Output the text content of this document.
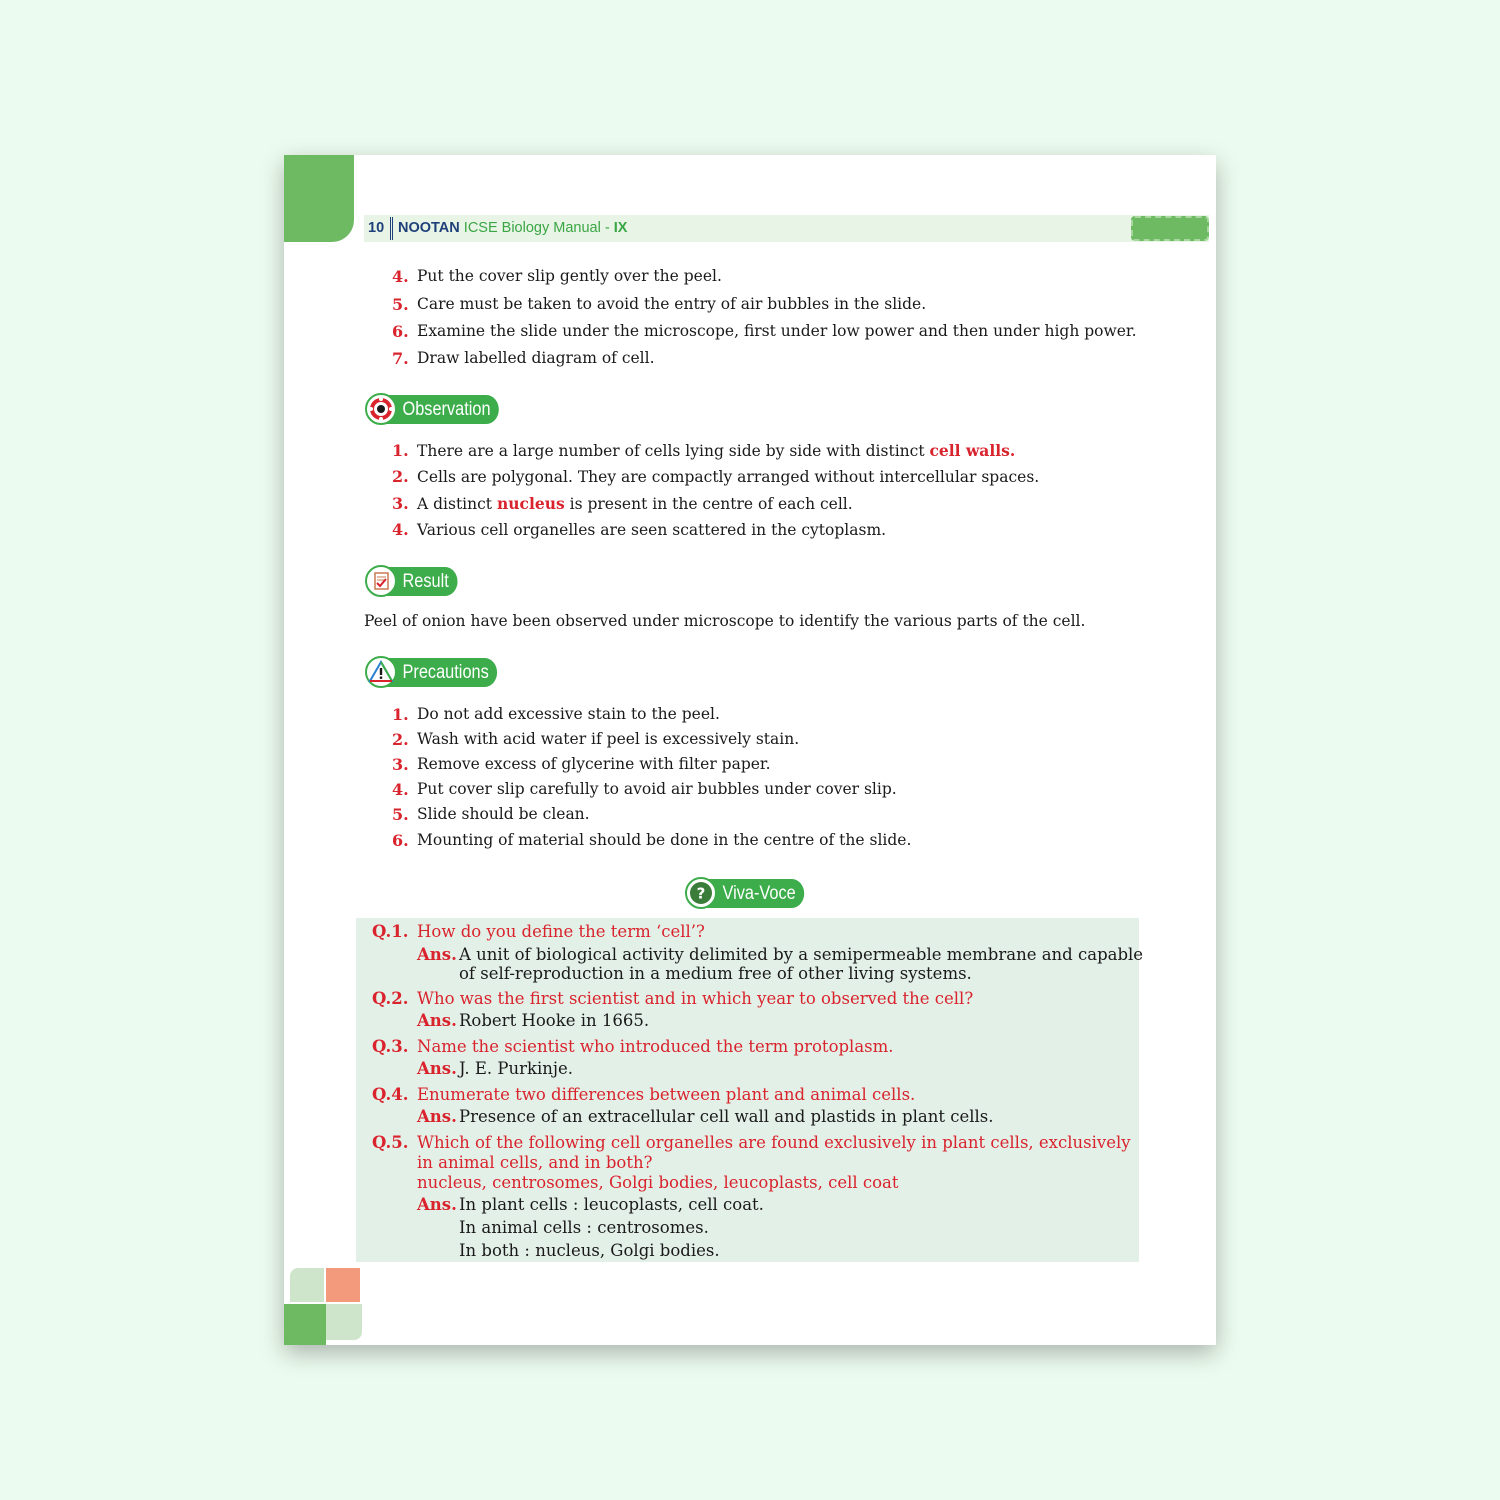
10 NOOTAN ICSE Biology Manual - IX
4. Put the cover slip gently over the peel.
5. Care must be taken to avoid the entry of air bubbles in the slide.
6. Examine the slide under the microscope, first under low power and then under high power.
7. Draw labelled diagram of cell.
Observation
1. There are a large number of cells lying side by side with distinct cell walls.
2. Cells are polygonal. They are compactly arranged without intercellular spaces.
3. A distinct nucleus is present in the centre of each cell.
4. Various cell organelles are seen scattered in the cytoplasm.
Result
Peel of onion have been observed under microscope to identify the various parts of the cell.
Precautions
1. Do not add excessive stain to the peel.
2. Wash with acid water if peel is excessively stain.
3. Remove excess of glycerine with filter paper.
4. Put cover slip carefully to avoid air bubbles under cover slip.
5. Slide should be clean.
6. Mounting of material should be done in the centre of the slide.
? Viva-Voce
Q.1. How do you define the term ‘cell’?
Ans. A unit of biological activity delimited by a semipermeable membrane and capable
of self-reproduction in a medium free of other living systems.
Q.2. Who was the first scientist and in which year to observed the cell?
Ans. Robert Hooke in 1665.
Q.3. Name the scientist who introduced the term protoplasm.
Ans. J. E. Purkinje.
Q.4. Enumerate two differences between plant and animal cells.
Ans. Presence of an extracellular cell wall and plastids in plant cells.
Q.5. Which of the following cell organelles are found exclusively in plant cells, exclusively
in animal cells, and in both?
nucleus, centrosomes, Golgi bodies, leucoplasts, cell coat
Ans. In plant cells : leucoplasts, cell coat.
In animal cells : centrosomes.
In both : nucleus, Golgi bodies.
